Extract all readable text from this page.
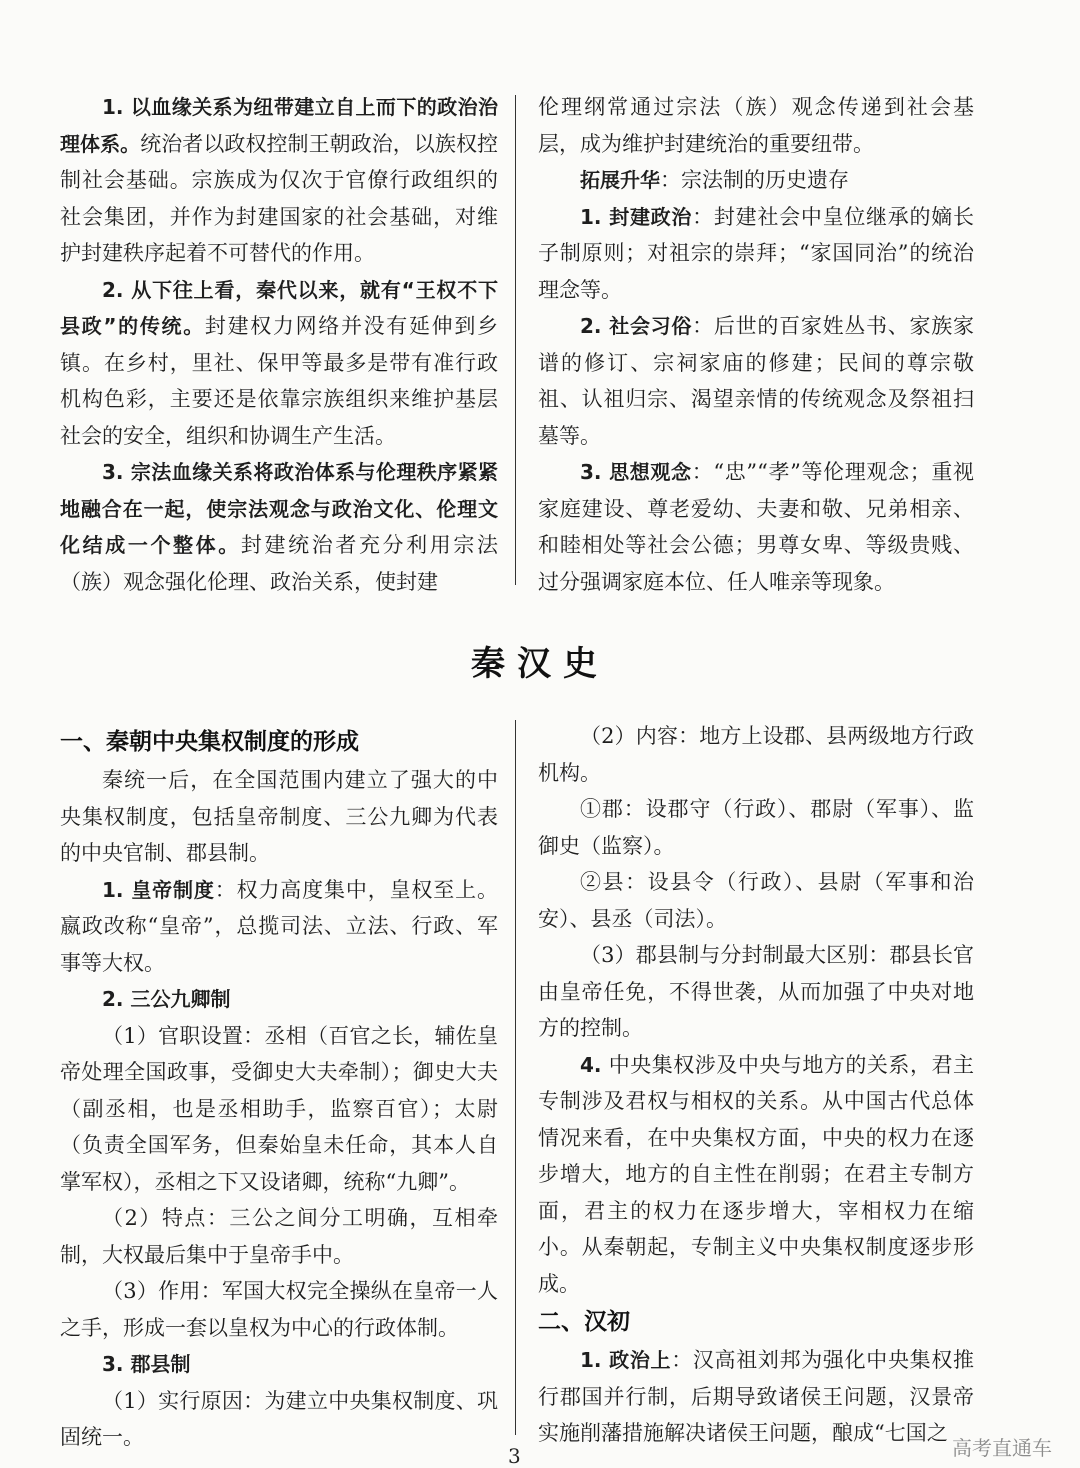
1. 以血缘关系为纽带建立自上而下的政治治理体系。统治者以政权控制王朝政治，以族权控制社会基础。宗族成为仅次于官僚行政组织的社会集团，并作为封建国家的社会基础，对维护封建秩序起着不可替代的作用。

2. 从下往上看，秦代以来，就有“王权不下县政”的传统。封建权力网络并没有延伸到乡镇。在乡村，里社、保甲等最多是带有准行政机构色彩，主要还是依靠宗族组织来维护基层社会的安全，组织和协调生产生活。

3. 宗法血缘关系将政治体系与伦理秩序紧紧地融合在一起，使宗法观念与政治文化、伦理文化结成一个整体。封建统治者充分利用宗法（族）观念强化伦理、政治关系，使封建

伦理纲常通过宗法（族）观念传递到社会基层，成为维护封建统治的重要纽带。

拓展升华：宗法制的历史遗存

1. 封建政治：封建社会中皇位继承的嫡长子制原则；对祖宗的崇拜；“家国同治”的统治理念等。

2. 社会习俗：后世的百家姓丛书、家族家谱的修订、宗祠家庙的修建；民间的尊宗敬祖、认祖归宗、渴望亲情的传统观念及祭祖扫墓等。

3. 思想观念：“忠”“孝”等伦理观念；重视家庭建设、尊老爱幼、夫妻和敬、兄弟相亲、和睦相处等社会公德；男尊女卑、等级贵贱、过分强调家庭本位、任人唯亲等现象。

秦汉史
一、秦朝中央集权制度的形成

秦统一后，在全国范围内建立了强大的中央集权制度，包括皇帝制度、三公九卿为代表的中央官制、郡县制。

1. 皇帝制度：权力高度集中，皇权至上。嬴政改称“皇帝”，总揽司法、立法、行政、军事等大权。

2. 三公九卿制

（1）官职设置：丞相（百官之长，辅佐皇帝处理全国政事，受御史大夫牵制）；御史大夫（副丞相，也是丞相助手，监察百官）；太尉（负责全国军务，但秦始皇未任命，其本人自掌军权），丞相之下又设诸卿，统称“九卿”。

（2）特点：三公之间分工明确，互相牵制，大权最后集中于皇帝手中。

（3）作用：军国大权完全操纵在皇帝一人之手，形成一套以皇权为中心的行政体制。

3. 郡县制

（1）实行原因：为建立中央集权制度、巩固统一。

（2）内容：地方上设郡、县两级地方行政机构。

①郡：设郡守（行政）、郡尉（军事）、监御史（监察）。

②县：设县令（行政）、县尉（军事和治安）、县丞（司法）。

（3）郡县制与分封制最大区别：郡县长官由皇帝任免，不得世袭，从而加强了中央对地方的控制。

4. 中央集权涉及中央与地方的关系，君主专制涉及君权与相权的关系。从中国古代总体情况来看，在中央集权方面，中央的权力在逐步增大，地方的自主性在削弱；在君主专制方面，君主的权力在逐步增大，宰相权力在缩小。从秦朝起，专制主义中央集权制度逐步形成。

二、汉初

1. 政治上：汉高祖刘邦为强化中央集权推行郡国并行制，后期导致诸侯王问题，汉景帝实施削藩措施解决诸侯王问题，酿成“七国之

高考直通车
3
